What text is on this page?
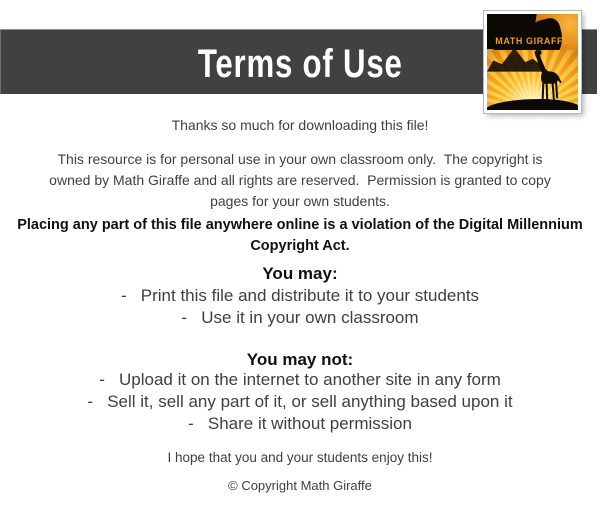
Terms of Use
MATH GIRAFFE
Thanks so much for downloading this file!
This resource is for personal use in your own classroom only.  The copyright is
owned by Math Giraffe and all rights are reserved.  Permission is granted to copy
pages for your own students.
Placing any part of this file anywhere online is a violation of the Digital Millennium
Copyright Act.
You may:
-   Print this file and distribute it to your students
-   Use it in your own classroom
You may not:
-   Upload it on the internet to another site in any form
-   Sell it, sell any part of it, or sell anything based upon it
-   Share it without permission
I hope that you and your students enjoy this!
© Copyright Math Giraffe
